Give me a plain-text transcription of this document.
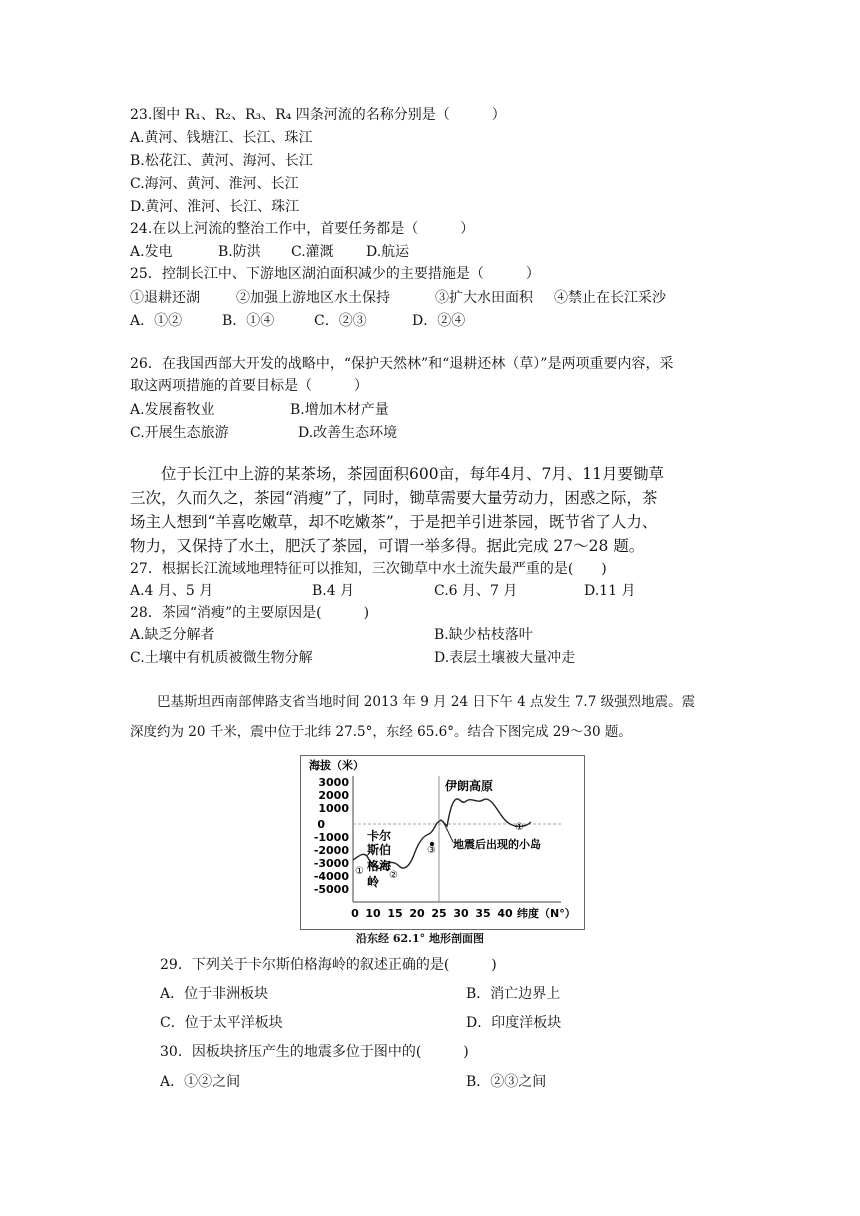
23.图中 R₁、R₂、R₃、R₄ 四条河流的名称分别是（　　　）
A.黄河、钱塘江、长江、珠江
B.松花江、黄河、海河、长江
C.海河、黄河、淮河、长江
D.黄河、淮河、长江、珠江
24.在以上河流的整治工作中，首要任务都是（　　　）
A.发电	B.防洪 C.灌溉 D.航运
25．控制长江中、下游地区湖泊面积减少的主要措施是（　　　）
①退耕还湖	②加强上游地区水土保持	③扩大水田面积 ④禁止在长江采沙
A．①②	B．①④	C．②③	D．②④
26．在我国西部大开发的战略中，“保护天然林”和“退耕还林（草）”是两项重要内容，采
取这两项措施的首要目标是（　　　）
A.发展畜牧业	B.增加木材产量
C.开展生态旅游	D.改善生态环境
　　位于长江中上游的某茶场，茶园面积600亩，每年4月、7月、11月要锄草
三次，久而久之，茶园“消瘦”了，同时，锄草需要大量劳动力，困惑之际，茶
场主人想到“羊喜吃嫩草，却不吃嫩茶”，于是把羊引进茶园，既节省了人力、
物力，又保持了水土，肥沃了茶园，可谓一举多得。据此完成 27～28 题。
27．根据长江流域地理特征可以推知，三次锄草中水土流失最严重的是(　　)
A.4 月、5 月	B.4 月	C.6 月、7 月	D.11 月
28．茶园“消瘦”的主要原因是(　　　)
A.缺乏分解者	B.缺少枯枝落叶
C.土壤中有机质被微生物分解	D.表层土壤被大量冲走
　　巴基斯坦西南部俾路支省当地时间 2013 年 9 月 24 日下午 4 点发生 7.7 级强烈地震。震
深度约为 20 千米，震中位于北纬 27.5°，东经 65.6°。结合下图完成 29～30 题。
海拔（米）
3000
2000
1000
0
-1000
-2000
-3000
-4000
-5000
伊朗高原
卡尔
斯伯
格海
岭
地震后出现的小岛
①	②
③
①
0 10 15 20 25 30 35 40 纬度（N°）
沿东经 62.1° 地形剖面图
29．下列关于卡尔斯伯格海岭的叙述正确的是(　　　)
A．位于非洲板块	B．消亡边界上
C．位于太平洋板块	D．印度洋板块
30．因板块挤压产生的地震多位于图中的(　　　)
A．①②之间	B．②③之间
